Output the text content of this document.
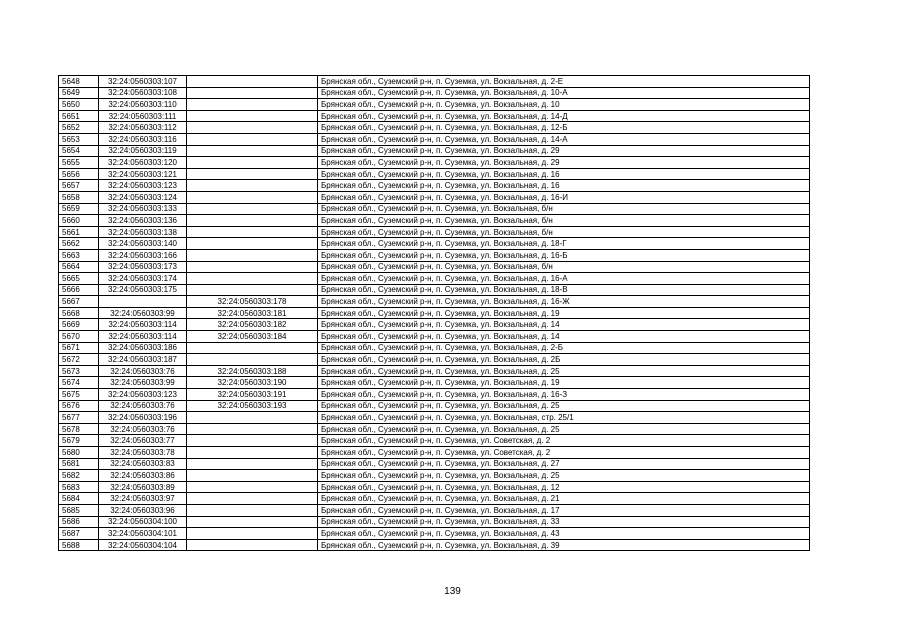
5648	32:24:0560303:107		Брянская обл., Суземский р-н, п. Суземка, ул. Вокзальная, д. 2-Е
5649	32:24:0560303:108		Брянская обл., Суземский р-н, п. Суземка, ул. Вокзальная, д. 10-А
5650	32:24:0560303:110		Брянская обл., Суземский р-н, п. Суземка, ул. Вокзальная, д. 10
5651	32:24:0560303:111		Брянская обл., Суземский р-н, п. Суземка, ул. Вокзальная, д. 14-Д
5652	32:24:0560303:112		Брянская обл., Суземский р-н, п. Суземка, ул. Вокзальная, д. 12-Б
5653	32:24:0560303:116		Брянская обл., Суземский р-н, п. Суземка, ул. Вокзальная, д. 14-А
5654	32:24:0560303:119		Брянская обл., Суземский р-н, п. Суземка, ул. Вокзальная, д. 29
5655	32:24:0560303:120		Брянская обл., Суземский р-н, п. Суземка, ул. Вокзальная, д. 29
5656	32:24:0560303:121		Брянская обл., Суземский р-н, п. Суземка, ул. Вокзальная, д. 16
5657	32:24:0560303:123		Брянская обл., Суземский р-н, п. Суземка, ул. Вокзальная, д. 16
5658	32:24:0560303:124		Брянская обл., Суземский р-н, п. Суземка, ул. Вокзальная, д. 16-И
5659	32:24:0560303:133		Брянская обл., Суземский р-н, п. Суземка, ул. Вокзальная, б/н
5660	32:24:0560303:136		Брянская обл., Суземский р-н, п. Суземка, ул. Вокзальная, б/н
5661	32:24:0560303:138		Брянская обл., Суземский р-н, п. Суземка, ул. Вокзальная, б/н
5662	32:24:0560303:140		Брянская обл., Суземский р-н, п. Суземка, ул. Вокзальная, д. 18-Г
5663	32:24:0560303:166		Брянская обл., Суземский р-н, п. Суземка, ул. Вокзальная, д. 16-Б
5664	32:24:0560303:173		Брянская обл., Суземский р-н, п. Суземка, ул. Вокзальная, б/н
5665	32:24:0560303:174		Брянская обл., Суземский р-н, п. Суземка, ул. Вокзальная, д. 16-А
5666	32:24:0560303:175		Брянская обл., Суземский р-н, п. Суземка, ул. Вокзальная, д. 18-В
5667		32:24:0560303:178	Брянская обл., Суземский р-н, п. Суземка, ул. Вокзальная, д. 16-Ж
5668	32:24:0560303:99	32:24:0560303:181	Брянская обл., Суземский р-н, п. Суземка, ул. Вокзальная, д. 19
5669	32:24:0560303:114	32:24:0560303:182	Брянская обл., Суземский р-н, п. Суземка, ул. Вокзальная, д. 14
5670	32:24:0560303:114	32:24:0560303:184	Брянская обл., Суземский р-н, п. Суземка, ул. Вокзальная, д. 14
5671	32:24:0560303:186		Брянская обл., Суземский р-н, п. Суземка, ул. Вокзальная, д. 2-Б
5672	32:24:0560303:187		Брянская обл., Суземский р-н, п. Суземка, ул. Вокзальная, д. 2Б
5673	32:24:0560303:76	32:24:0560303:188	Брянская обл., Суземский р-н, п. Суземка, ул. Вокзальная, д. 25
5674	32:24:0560303:99	32:24:0560303:190	Брянская обл., Суземский р-н, п. Суземка, ул. Вокзальная, д. 19
5675	32:24:0560303:123	32:24:0560303:191	Брянская обл., Суземский р-н, п. Суземка, ул. Вокзальная, д. 16-З
5676	32:24:0560303:76	32:24:0560303:193	Брянская обл., Суземский р-н, п. Суземка, ул. Вокзальная, д. 25
5677	32:24:0560303:196		Брянская обл., Суземский р-н, п. Суземка, ул. Вокзальная, стр. 25/1
5678	32:24:0560303:76		Брянская обл., Суземский р-н, п. Суземка, ул. Вокзальная, д. 25
5679	32:24:0560303:77		Брянская обл., Суземский р-н, п. Суземка, ул. Советская, д. 2
5680	32:24:0560303:78		Брянская обл., Суземский р-н, п. Суземка, ул. Советская, д. 2
5681	32:24:0560303:83		Брянская обл., Суземский р-н, п. Суземка, ул. Вокзальная, д. 27
5682	32:24:0560303:86		Брянская обл., Суземский р-н, п. Суземка, ул. Вокзальная, д. 25
5683	32:24:0560303:89		Брянская обл., Суземский р-н, п. Суземка, ул. Вокзальная, д. 12
5684	32:24:0560303:97		Брянская обл., Суземский р-н, п. Суземка, ул. Вокзальная, д. 21
5685	32:24:0560303:96		Брянская обл., Суземский р-н, п. Суземка, ул. Вокзальная, д. 17
5686	32:24:0560304:100		Брянская обл., Суземский р-н, п. Суземка, ул. Вокзальная, д. 33
5687	32:24:0560304:101		Брянская обл., Суземский р-н, п. Суземка, ул. Вокзальная, д. 43
5688	32:24:0560304:104		Брянская обл., Суземский р-н, п. Суземка, ул. Вокзальная, д. 39
139
